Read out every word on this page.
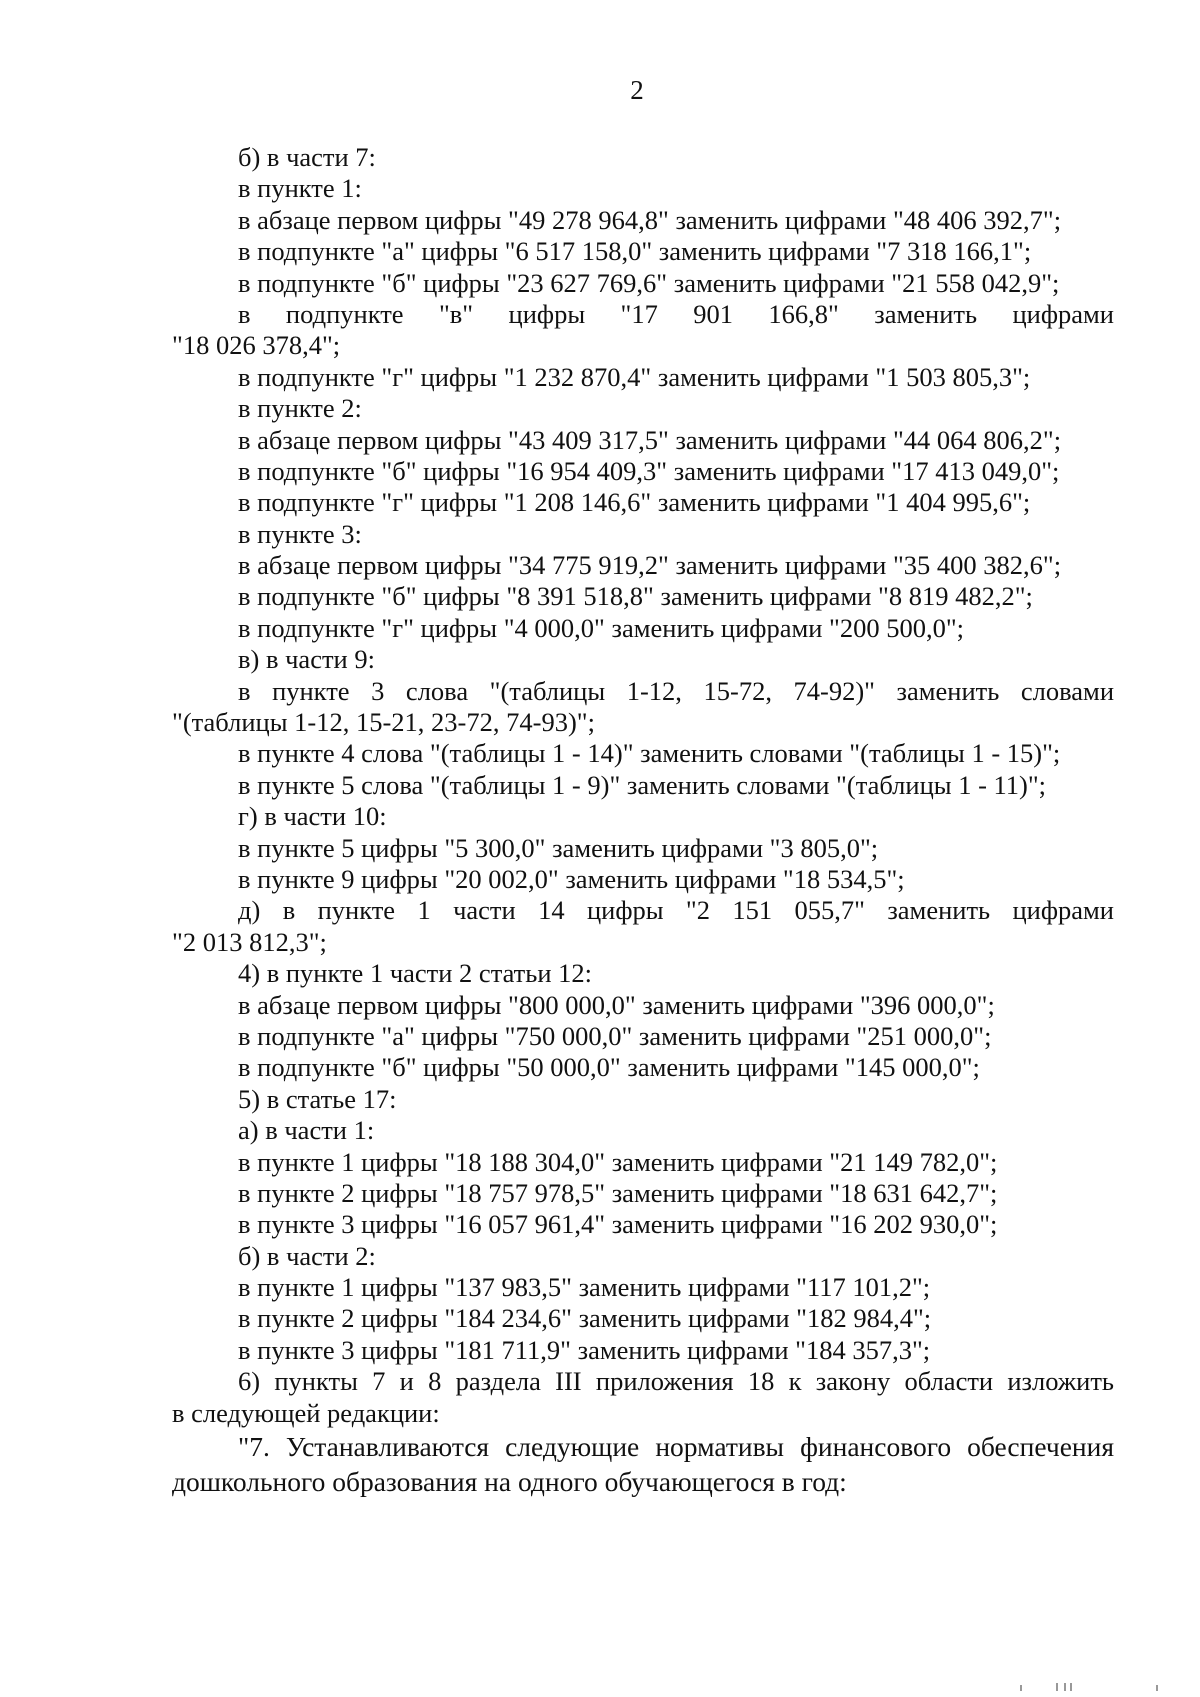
2
б) в части 7:
в пункте 1:
в абзаце первом цифры "49 278 964,8" заменить цифрами "48 406 392,7";
в подпункте "а" цифры "6 517 158,0" заменить цифрами "7 318 166,1";
в подпункте "б" цифры "23 627 769,6" заменить цифрами "21 558 042,9";
в подпункте "в" цифры "17 901 166,8" заменить цифрами
"18 026 378,4";
в подпункте "г" цифры "1 232 870,4" заменить цифрами "1 503 805,3";
в пункте 2:
в абзаце первом цифры "43 409 317,5" заменить цифрами "44 064 806,2";
в подпункте "б" цифры "16 954 409,3" заменить цифрами "17 413 049,0";
в подпункте "г" цифры "1 208 146,6" заменить цифрами "1 404 995,6";
в пункте 3:
в абзаце первом цифры "34 775 919,2" заменить цифрами "35 400 382,6";
в подпункте "б" цифры "8 391 518,8" заменить цифрами "8 819 482,2";
в подпункте "г" цифры "4 000,0" заменить цифрами "200 500,0";
в) в части 9:
в пункте 3 слова "(таблицы 1-12, 15-72, 74-92)" заменить словами
"(таблицы 1-12, 15-21, 23-72, 74-93)";
в пункте 4 слова "(таблицы 1 - 14)" заменить словами "(таблицы 1 - 15)";
в пункте 5 слова "(таблицы 1 - 9)" заменить словами "(таблицы 1 - 11)";
г) в части 10:
в пункте 5 цифры "5 300,0" заменить цифрами "3 805,0";
в пункте 9 цифры "20 002,0" заменить цифрами "18 534,5";
д) в пункте 1 части 14 цифры "2 151 055,7" заменить цифрами
"2 013 812,3";
4) в пункте 1 части 2 статьи 12:
в абзаце первом цифры "800 000,0" заменить цифрами "396 000,0";
в подпункте "а" цифры "750 000,0" заменить цифрами "251 000,0";
в подпункте "б" цифры "50 000,0" заменить цифрами "145 000,0";
5) в статье 17:
а) в части 1:
в пункте 1 цифры "18 188 304,0" заменить цифрами "21 149 782,0";
в пункте 2 цифры "18 757 978,5" заменить цифрами "18 631 642,7";
в пункте 3 цифры "16 057 961,4" заменить цифрами "16 202 930,0";
б) в части 2:
в пункте 1 цифры "137 983,5" заменить цифрами "117 101,2";
в пункте 2 цифры "184 234,6" заменить цифрами "182 984,4";
в пункте 3 цифры "181 711,9" заменить цифрами "184 357,3";
6) пункты 7 и 8 раздела III приложения 18 к закону области изложить
в следующей редакции:
"7. Устанавливаются следующие нормативы финансового обеспечения
дошкольного образования на одного обучающегося в год:
